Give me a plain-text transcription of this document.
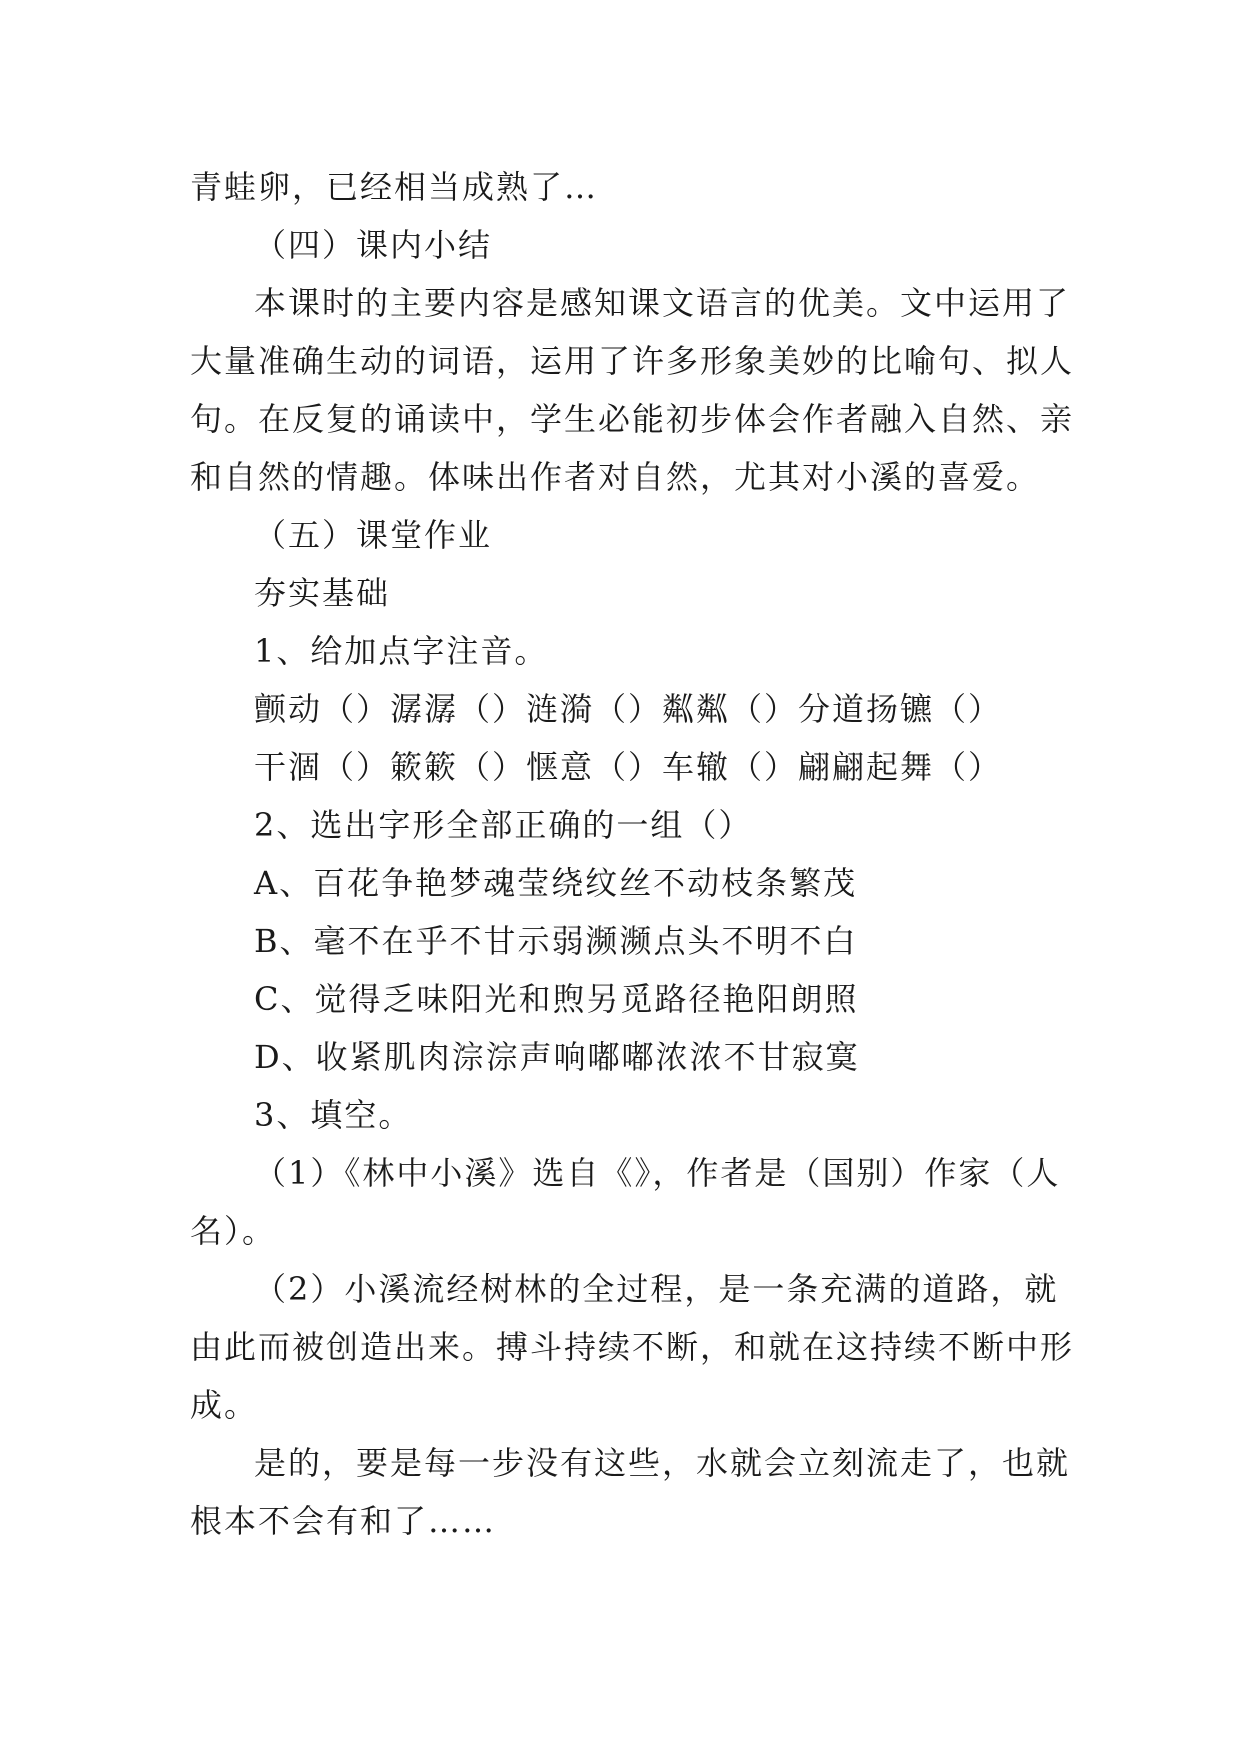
青蛙卵，已经相当成熟了…
（四）课内小结
本课时的主要内容是感知课文语言的优美。文中运用了
大量准确生动的词语，运用了许多形象美妙的比喻句、拟人
句。在反复的诵读中，学生必能初步体会作者融入自然、亲
和自然的情趣。体味出作者对自然，尤其对小溪的喜爱。
（五）课堂作业
夯实基础
1、给加点字注音。
颤动（）潺潺（）涟漪（）粼粼（）分道扬镳（）
干涸（）簌簌（）惬意（）车辙（）翩翩起舞（）
2、选出字形全部正确的一组（）
A、百花争艳梦魂莹绕纹丝不动枝条繁茂
B、毫不在乎不甘示弱濒濒点头不明不白
C、觉得乏味阳光和煦另觅路径艳阳朗照
D、收紧肌肉淙淙声响嘟嘟浓浓不甘寂寞
3、填空。
（1）《林中小溪》选自《》，作者是（国别）作家（人
名）。
（2）小溪流经树林的全过程，是一条充满的道路，就
由此而被创造出来。搏斗持续不断，和就在这持续不断中形
成。
是的，要是每一步没有这些，水就会立刻流走了，也就
根本不会有和了……
